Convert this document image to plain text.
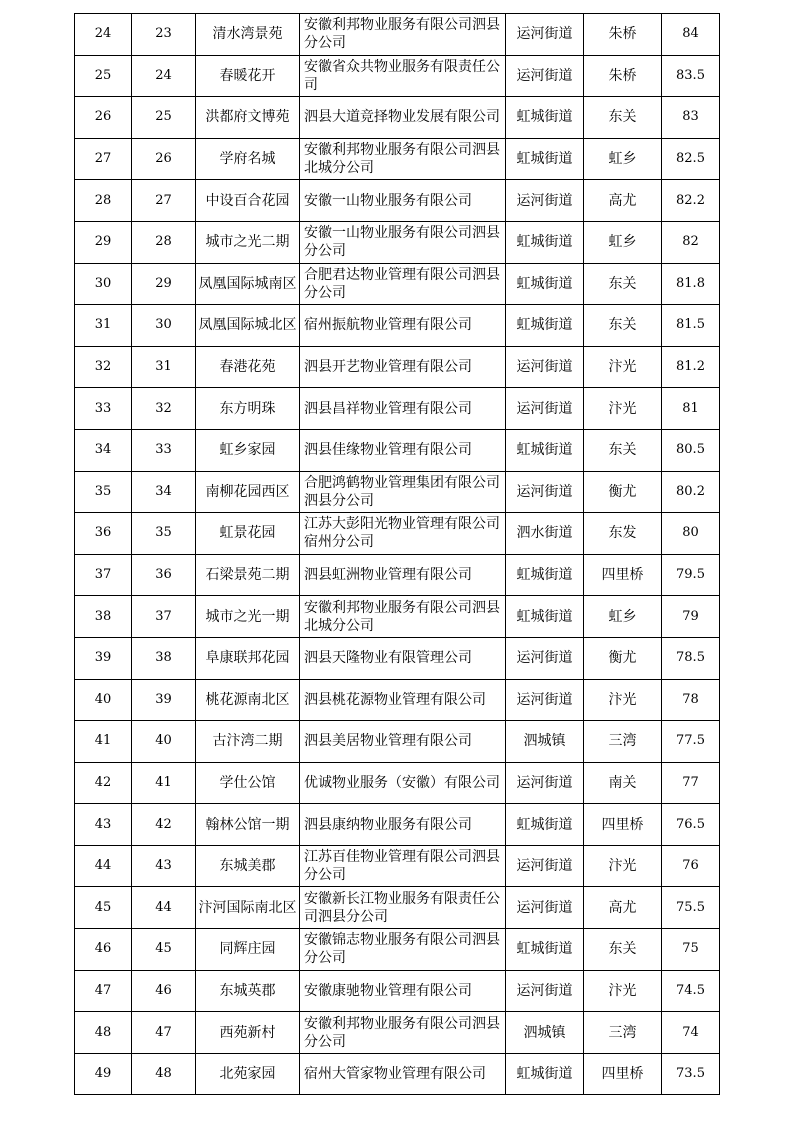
24	23	清水湾景苑	安徽利邦物业服务有限公司泗县分公司	运河街道	朱桥	84
25	24	春暖花开	安徽省众共物业服务有限责任公司	运河街道	朱桥	83.5
26	25	洪都府文博苑	泗县大道竞择物业发展有限公司	虹城街道	东关	83
27	26	学府名城	安徽利邦物业服务有限公司泗县北城分公司	虹城街道	虹乡	82.5
28	27	中设百合花园	安徽一山物业服务有限公司	运河街道	高尤	82.2
29	28	城市之光二期	安徽一山物业服务有限公司泗县分公司	虹城街道	虹乡	82
30	29	凤凰国际城南区	合肥君达物业管理有限公司泗县分公司	虹城街道	东关	81.8
31	30	凤凰国际城北区	宿州振航物业管理有限公司	虹城街道	东关	81.5
32	31	春港花苑	泗县开艺物业管理有限公司	运河街道	汴光	81.2
33	32	东方明珠	泗县昌祥物业管理有限公司	运河街道	汴光	81
34	33	虹乡家园	泗县佳缘物业管理有限公司	虹城街道	东关	80.5
35	34	南柳花园西区	合肥鸿鹤物业管理集团有限公司泗县分公司	运河街道	衡尤	80.2
36	35	虹景花园	江苏大彭阳光物业管理有限公司宿州分公司	泗水街道	东发	80
37	36	石梁景苑二期	泗县虹洲物业管理有限公司	虹城街道	四里桥	79.5
38	37	城市之光一期	安徽利邦物业服务有限公司泗县北城分公司	虹城街道	虹乡	79
39	38	阜康联邦花园	泗县天隆物业有限管理公司	运河街道	衡尤	78.5
40	39	桃花源南北区	泗县桃花源物业管理有限公司	运河街道	汴光	78
41	40	古汴湾二期	泗县美居物业管理有限公司	泗城镇	三湾	77.5
42	41	学仕公馆	优诚物业服务（安徽）有限公司	运河街道	南关	77
43	42	翰林公馆一期	泗县康纳物业服务有限公司	虹城街道	四里桥	76.5
44	43	东城美郡	江苏百佳物业管理有限公司泗县分公司	运河街道	汴光	76
45	44	汴河国际南北区	安徽新长江物业服务有限责任公司泗县分公司	运河街道	高尤	75.5
46	45	同辉庄园	安徽锦志物业服务有限公司泗县分公司	虹城街道	东关	75
47	46	东城英郡	安徽康驰物业管理有限公司	运河街道	汴光	74.5
48	47	西苑新村	安徽利邦物业服务有限公司泗县分公司	泗城镇	三湾	74
49	48	北苑家园	宿州大管家物业管理有限公司	虹城街道	四里桥	73.5
